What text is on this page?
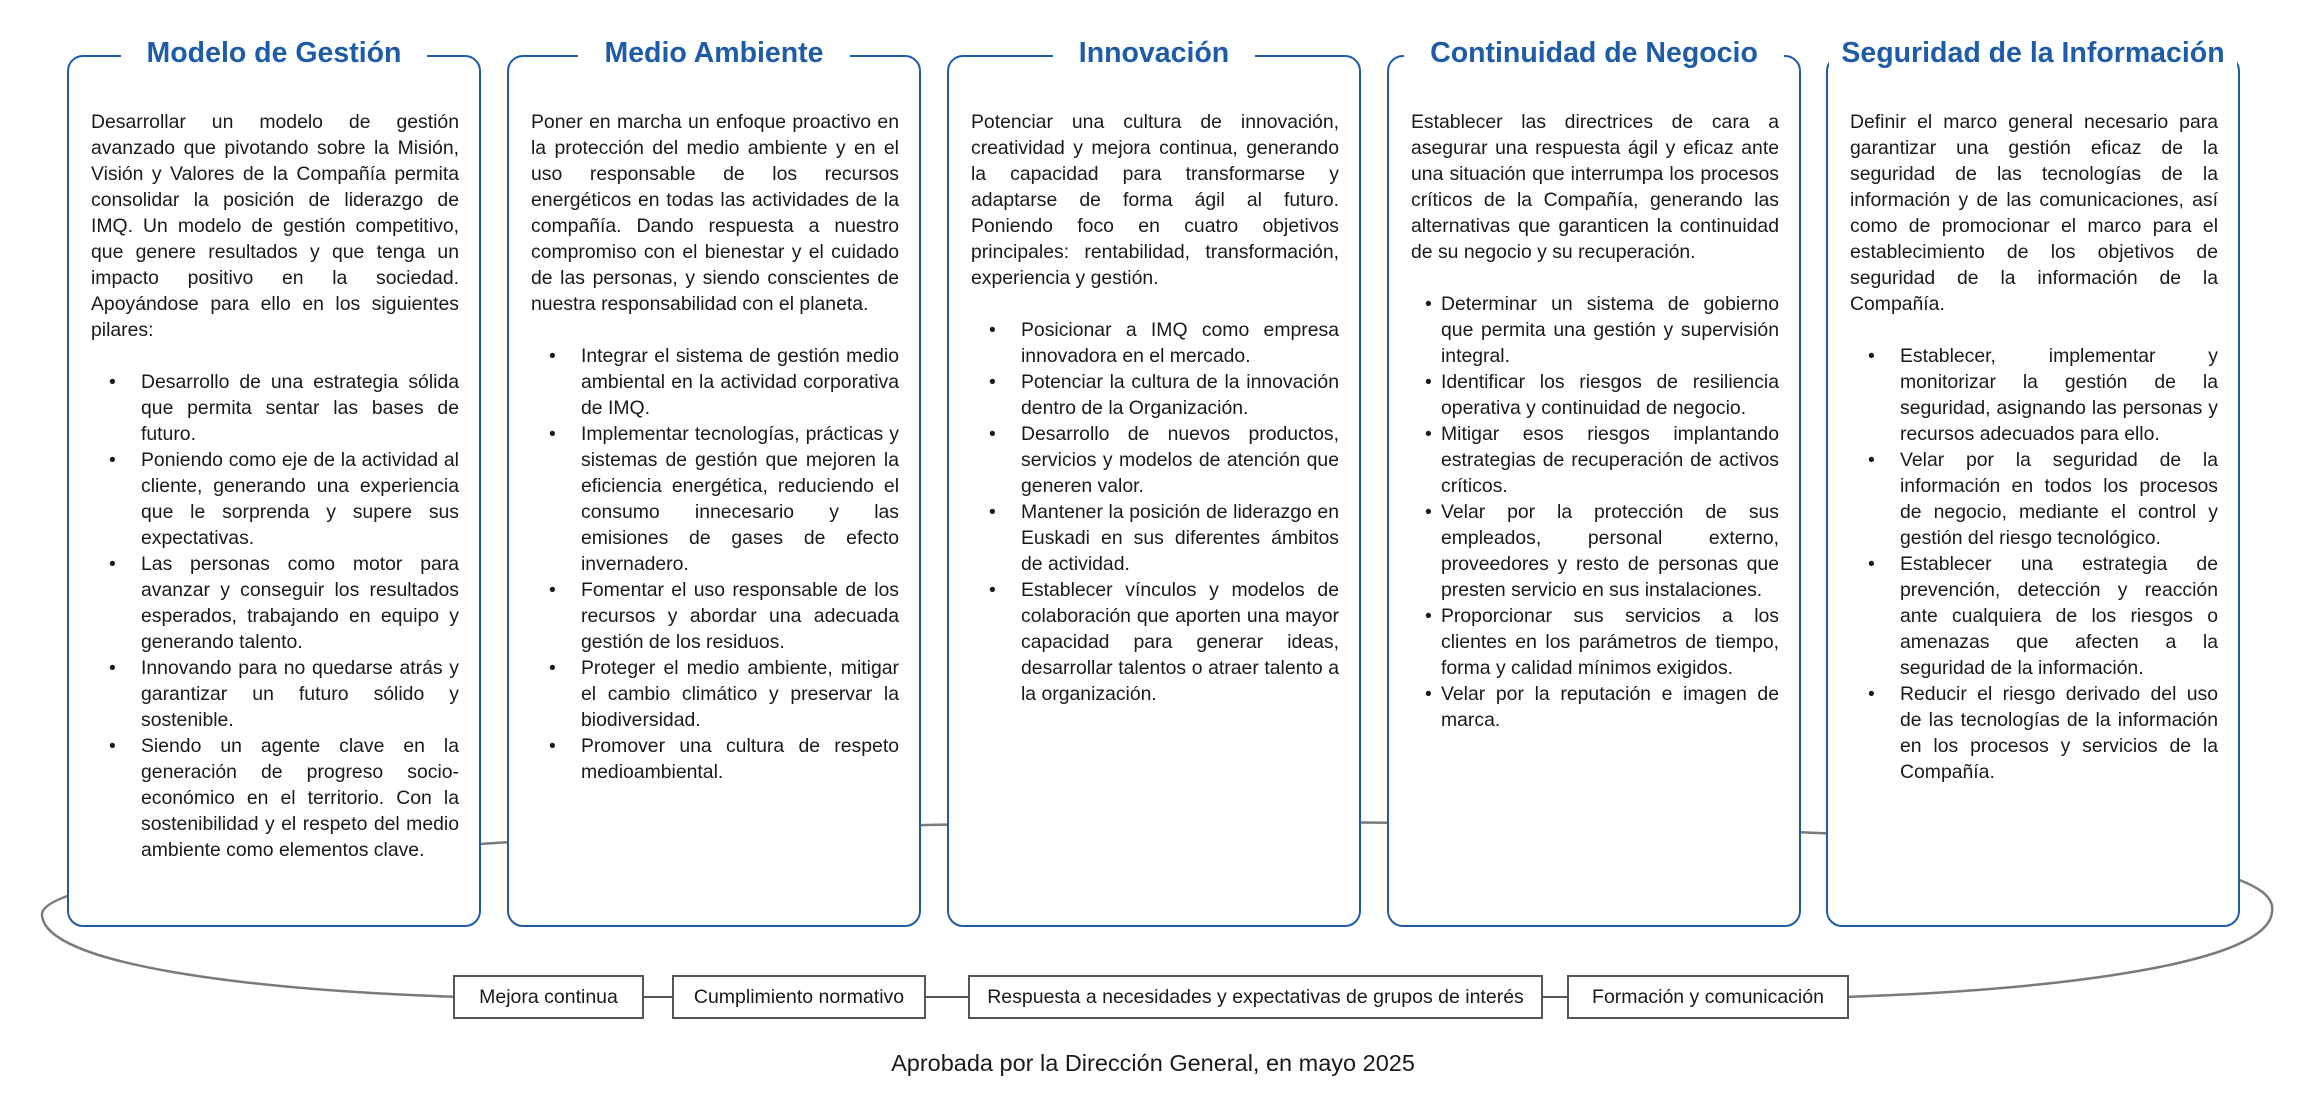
Modelo de Gestión

Desarrollar un modelo de gestión avanzado que pivotando sobre la Misión, Visión y Valores de la Compañía permita consolidar la posición de liderazgo de IMQ. Un modelo de gestión competitivo, que genere resultados y que tenga un impacto positivo en la sociedad. Apoyándose para ello en los siguientes pilares:

• Desarrollo de una estrategia sólida que permita sentar las bases de futuro.
• Poniendo como eje de la actividad al cliente, generando una experiencia que le sorprenda y supere sus expectativas.
• Las personas como motor para avanzar y conseguir los resultados esperados, trabajando en equipo y generando talento.
• Innovando para no quedarse atrás y garantizar un futuro sólido y sostenible.
• Siendo un agente clave en la generación de progreso socio-económico en el territorio. Con la sostenibilidad y el respeto del medio ambiente como elementos clave.
Medio Ambiente

Poner en marcha un enfoque proactivo en la protección del medio ambiente y en el uso responsable de los recursos energéticos en todas las actividades de la compañía. Dando respuesta a nuestro compromiso con el bienestar y el cuidado de las personas, y siendo conscientes de nuestra responsabilidad con el planeta.

• Integrar el sistema de gestión medio ambiental en la actividad corporativa de IMQ.
• Implementar tecnologías, prácticas y sistemas de gestión que mejoren la eficiencia energética, reduciendo el consumo innecesario y las emisiones de gases de efecto invernadero.
• Fomentar el uso responsable de los recursos y abordar una adecuada gestión de los residuos.
• Proteger el medio ambiente, mitigar el cambio climático y preservar la biodiversidad.
• Promover una cultura de respeto medioambiental.
Innovación

Potenciar una cultura de innovación, creatividad y mejora continua, generando la capacidad para transformarse y adaptarse de forma ágil al futuro. Poniendo foco en cuatro objetivos principales: rentabilidad, transformación, experiencia y gestión.

• Posicionar a IMQ como empresa innovadora en el mercado.
• Potenciar la cultura de la innovación dentro de la Organización.
• Desarrollo de nuevos productos, servicios y modelos de atención que generen valor.
• Mantener la posición de liderazgo en Euskadi en sus diferentes ámbitos de actividad.
• Establecer vínculos y modelos de colaboración que aporten una mayor capacidad para generar ideas, desarrollar talentos o atraer talento a la organización.
Continuidad de Negocio

Establecer las directrices de cara a asegurar una respuesta ágil y eficaz ante una situación que interrumpa los procesos críticos de la Compañía, generando las alternativas que garanticen la continuidad de su negocio y su recuperación.

• Determinar un sistema de gobierno que permita una gestión y supervisión integral.
• Identificar los riesgos de resiliencia operativa y continuidad de negocio.
• Mitigar esos riesgos implantando estrategias de recuperación de activos críticos.
• Velar por la protección de sus empleados, personal externo, proveedores y resto de personas que presten servicio en sus instalaciones.
• Proporcionar sus servicios a los clientes en los parámetros de tiempo, forma y calidad mínimos exigidos.
• Velar por la reputación e imagen de marca.
Seguridad de la Información

Definir el marco general necesario para garantizar una gestión eficaz de la seguridad de las tecnologías de la información y de las comunicaciones, así como de promocionar el marco para el establecimiento de los objetivos de seguridad de la información de la Compañía.

• Establecer, implementar y monitorizar la gestión de la seguridad, asignando las personas y recursos adecuados para ello.
• Velar por la seguridad de la información en todos los procesos de negocio, mediante el control y gestión del riesgo tecnológico.
• Establecer una estrategia de prevención, detección y reacción ante cualquiera de los riesgos o amenazas que afecten a la seguridad de la información.
• Reducir el riesgo derivado del uso de las tecnologías de la información en los procesos y servicios de la Compañía.
Mejora continua	Cumplimiento normativo	Respuesta a necesidades y expectativas de grupos de interés	Formación y comunicación
Aprobada por la Dirección General, en mayo 2025
